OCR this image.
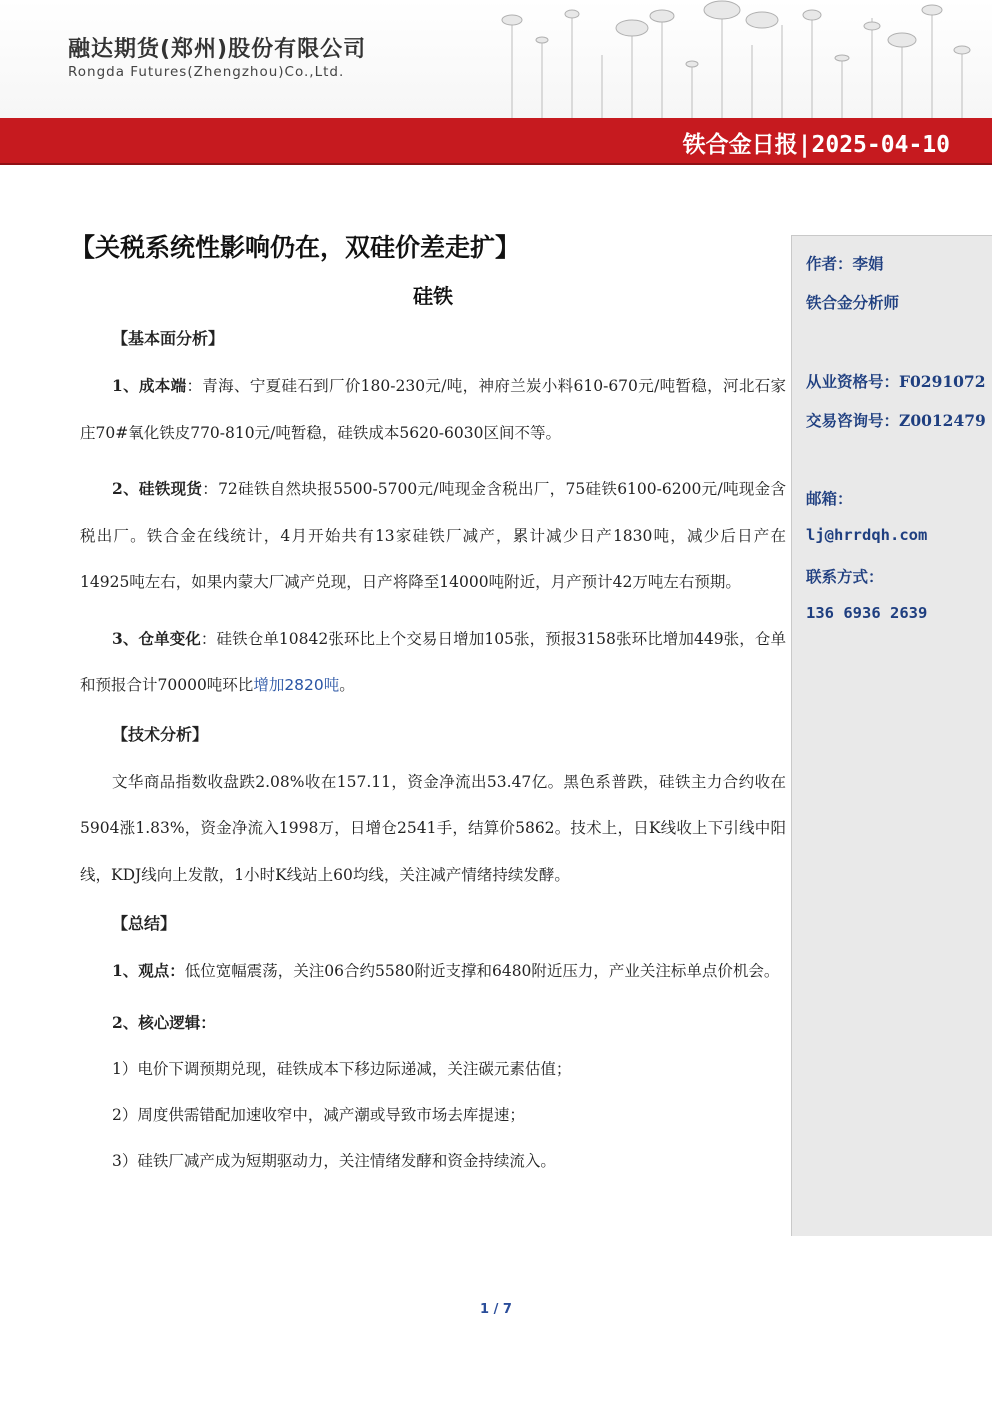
融达期货(郑州)股份有限公司
Rongda Futures(Zhengzhou)Co.,Ltd.
铁合金日报|2025-04-10
【关税系统性影响仍在，双硅价差走扩】
硅铁
【基本面分析】

1、成本端：青海、宁夏硅石到厂价180-230元/吨，神府兰炭小料610-670元/吨暂稳，河北石家庄70#氧化铁皮770-810元/吨暂稳，硅铁成本5620-6030区间不等。

2、硅铁现货：72硅铁自然块报5500-5700元/吨现金含税出厂，75硅铁6100-6200元/吨现金含税出厂。铁合金在线统计，4月开始共有13家硅铁厂减产，累计减少日产1830吨，减少后日产在14925吨左右，如果内蒙大厂减产兑现，日产将降至14000吨附近，月产预计42万吨左右预期。

3、仓单变化：硅铁仓单10842张环比上个交易日增加105张，预报3158张环比增加449张，仓单和预报合计70000吨环比增加2820吨。

【技术分析】

文华商品指数收盘跌2.08%收在157.11，资金净流出53.47亿。黑色系普跌，硅铁主力合约收在5904涨1.83%，资金净流入1998万，日增仓2541手，结算价5862。技术上，日K线收上下引线中阳线，KDJ线向上发散，1小时K线站上60均线，关注减产情绪持续发酵。

【总结】

1、观点：低位宽幅震荡，关注06合约5580附近支撑和6480附近压力，产业关注标单点价机会。

2、核心逻辑：

1）电价下调预期兑现，硅铁成本下移边际递减，关注碳元素估值；

2）周度供需错配加速收窄中，减产潮或导致市场去库提速；

3）硅铁厂减产成为短期驱动力，关注情绪发酵和资金持续流入。

作者：李娟
铁合金分析师
从业资格号：F0291072
交易咨询号：Z0012479
邮箱：
lj@hrrdqh.com
联系方式：
136 6936 2639
1 / 7
